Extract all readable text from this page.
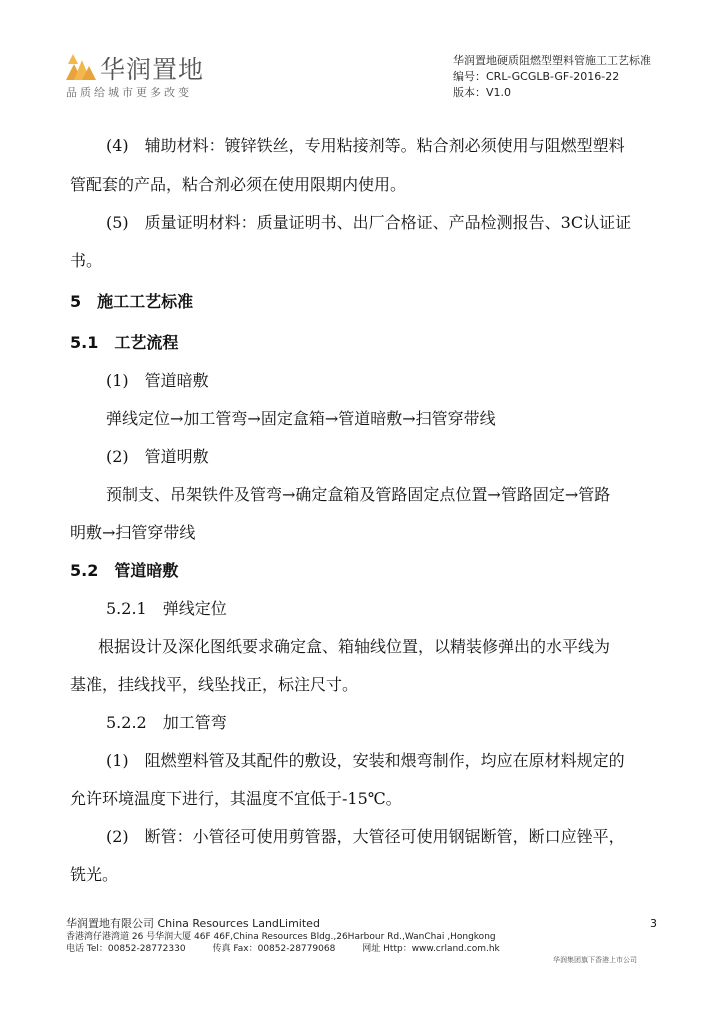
华润置地
品质给城市更多改变
华润置地硬质阻燃型塑料管施工工艺标准
编号：CRL-GCGLB-GF-2016-22
版本：V1.0
(4)　辅助材料：镀锌铁丝，专用粘接剂等。粘合剂必须使用与阻燃型塑料
管配套的产品，粘合剂必须在使用限期内使用。
(5)　质量证明材料：质量证明书、出厂合格证、产品检测报告、3C认证证
书。
5　施工工艺标准
5.1　工艺流程
(1)　管道暗敷
弹线定位→加工管弯→固定盒箱→管道暗敷→扫管穿带线
(2)　管道明敷
预制支、吊架铁件及管弯→确定盒箱及管路固定点位置→管路固定→管路
明敷→扫管穿带线
5.2　管道暗敷
5.2.1　弹线定位
根据设计及深化图纸要求确定盒、箱轴线位置，以精装修弹出的水平线为
基准，挂线找平，线坠找正，标注尺寸。
5.2.2　加工管弯
(1)　阻燃塑料管及其配件的敷设，安装和煨弯制作，均应在原材料规定的
允许环境温度下进行，其温度不宜低于-15℃。
(2)　断管：小管径可使用剪管器，大管径可使用钢锯断管，断口应锉平，
铣光。
华润置地有限公司 China Resources LandLimited
香港湾仔港湾道 26 号华润大厦 46F 46F,China Resources Bldg.,26Harbour Rd.,WanChai ,Hongkong
电话 Tel：00852-28772330　　　传真 Fax：00852-28779068　　　网址 Http：www.crland.com.hk
3
华润集团旗下香港上市公司
